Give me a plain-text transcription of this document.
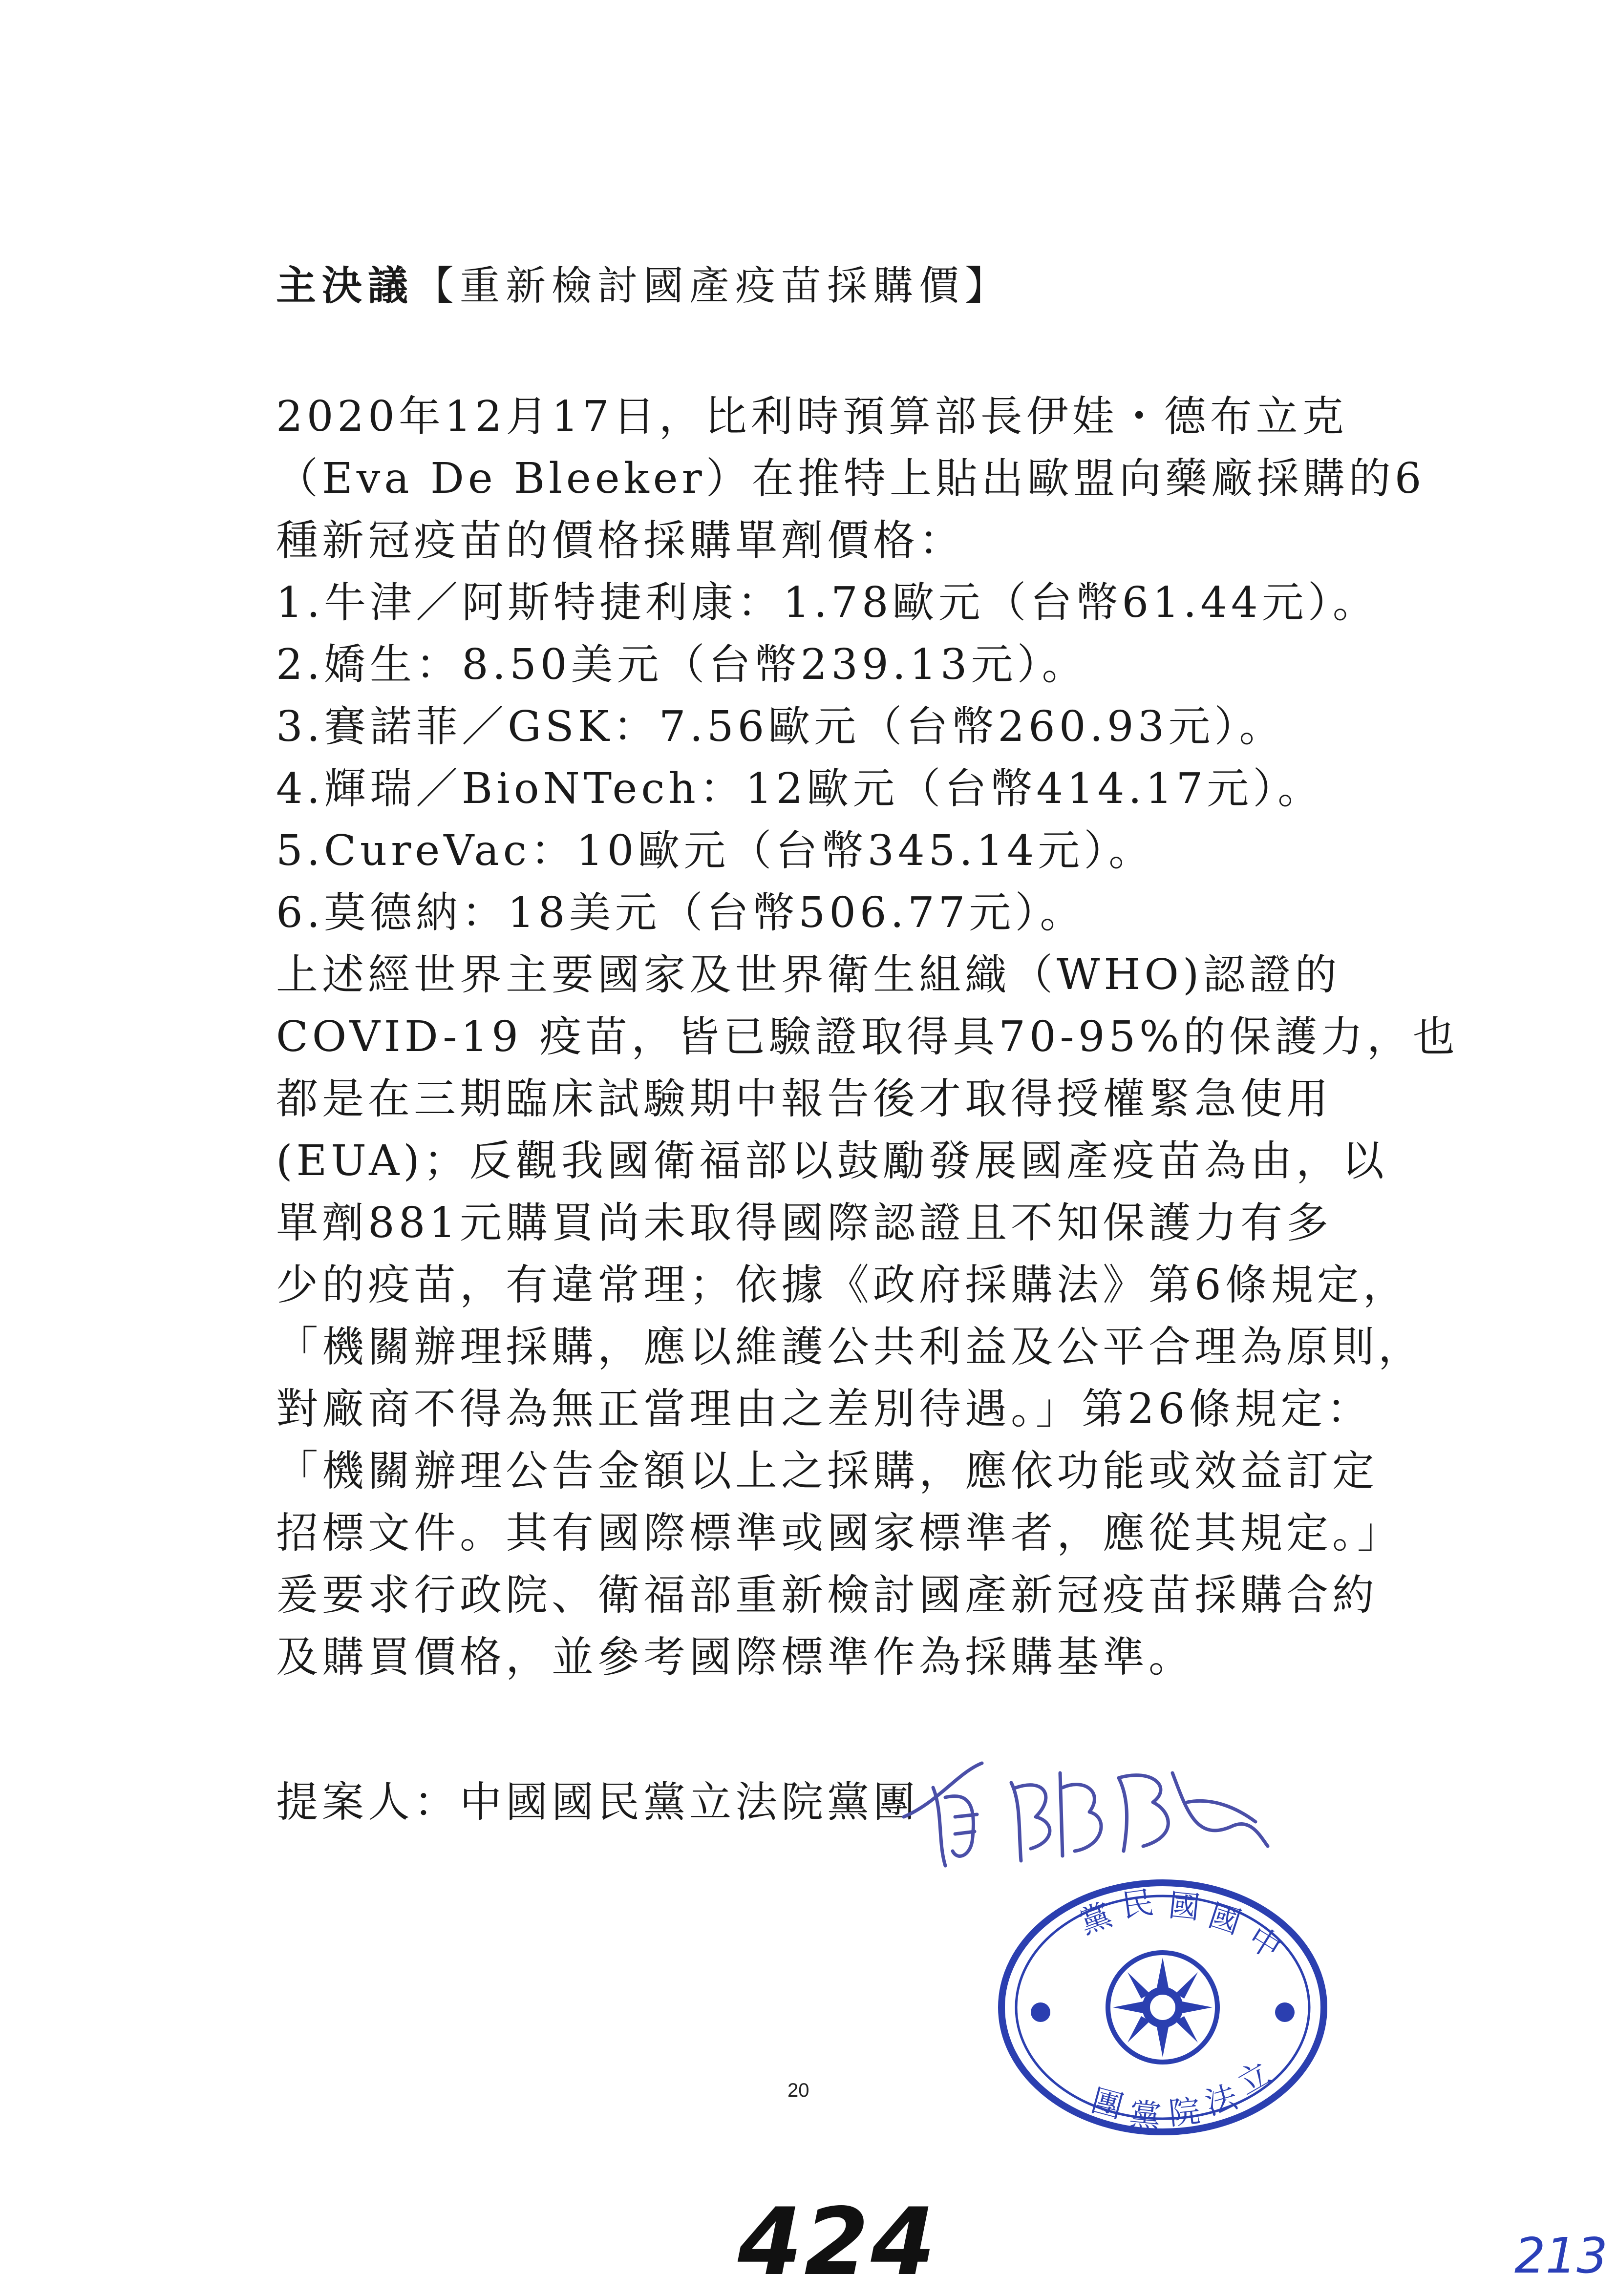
主決議【重新檢討國產疫苗採購價】
2020年12月17日，比利時預算部長伊娃・德布立克
（Eva De Bleeker）在推特上貼出歐盟向藥廠採購的6
種新冠疫苗的價格採購單劑價格：
1.牛津／阿斯特捷利康：1.78歐元（台幣61.44元）。
2.嬌生：8.50美元（台幣239.13元）。
3.賽諾菲／GSK：7.56歐元（台幣260.93元）。
4.輝瑞／BioNTech：12歐元（台幣414.17元）。
5.CureVac：10歐元（台幣345.14元）。
6.莫德納：18美元（台幣506.77元）。
上述經世界主要國家及世界衛生組織（WHO)認證的
COVID-19 疫苗，皆已驗證取得具70-95%的保護力，也
都是在三期臨床試驗期中報告後才取得授權緊急使用
(EUA)；反觀我國衛福部以鼓勵發展國產疫苗為由，以
單劑881元購買尚未取得國際認證且不知保護力有多
少的疫苗，有違常理；依據《政府採購法》第6條規定，
「機關辦理採購，應以維護公共利益及公平合理為原則，
對廠商不得為無正當理由之差別待遇。」第26條規定：
「機關辦理公告金額以上之採購，應依功能或效益訂定
招標文件。其有國際標準或國家標準者，應從其規定。」
爰要求行政院、衛福部重新檢討國產新冠疫苗採購合約
及購買價格，並參考國際標準作為採購基準。
提案人：中國國民黨立法院黨團
黨 民 國 國
中
團 黨 院
法
立
20
424	213
